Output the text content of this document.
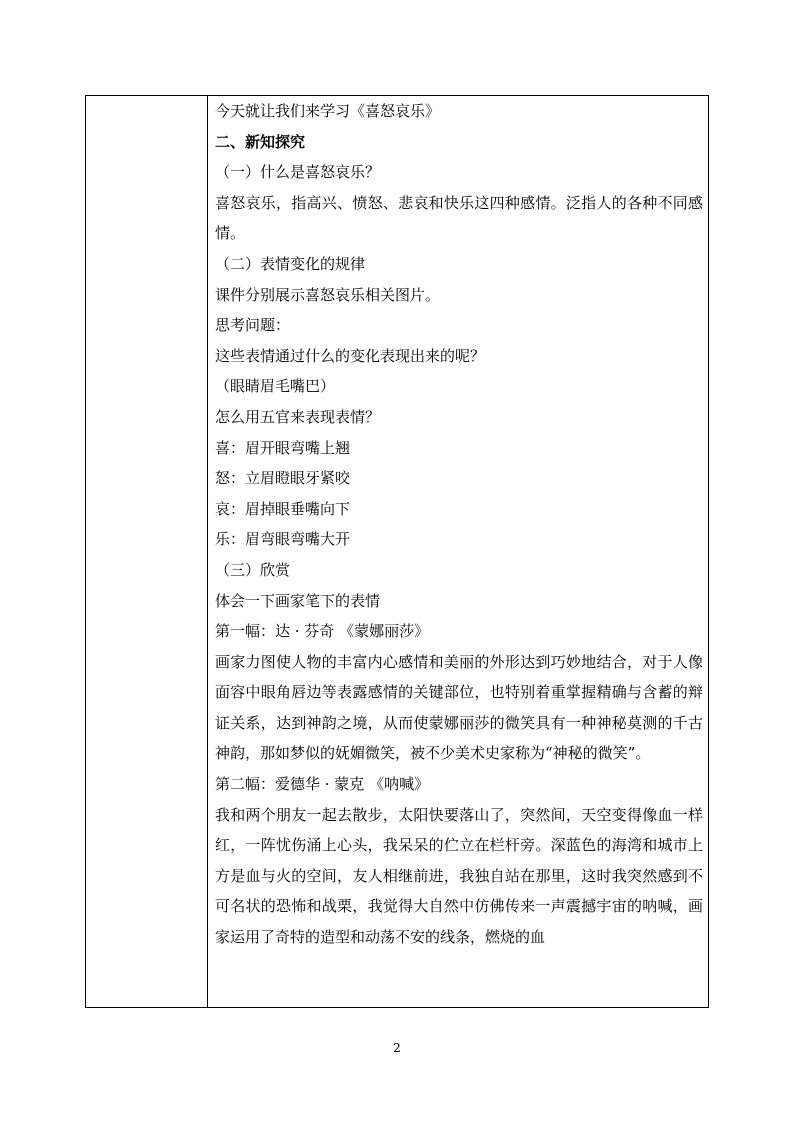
今天就让我们来学习《喜怒哀乐》
二、新知探究
（一）什么是喜怒哀乐？
喜怒哀乐，指高兴、愤怒、悲哀和快乐这四种感情。泛指人的各种不同感情。
（二）表情变化的规律
课件分别展示喜怒哀乐相关图片。
思考问题：
这些表情通过什么的变化表现出来的呢？
（眼睛眉毛嘴巴）
怎么用五官来表现表情？
喜：眉开眼弯嘴上翘
怒：立眉瞪眼牙紧咬
哀：眉掉眼垂嘴向下
乐：眉弯眼弯嘴大开
（三）欣赏
体会一下画家笔下的表情
第一幅：达 · 芬奇 《蒙娜丽莎》
画家力图使人物的丰富内心感情和美丽的外形达到巧妙地结合，对于人像面容中眼角唇边等表露感情的关键部位，也特别着重掌握精确与含蓄的辩证关系，达到神韵之境，从而使蒙娜丽莎的微笑具有一种神秘莫测的千古神韵，那如梦似的妩媚微笑，被不少美术史家称为“神秘的微笑”。
第二幅：爱德华 · 蒙克 《呐喊》
我和两个朋友一起去散步，太阳快要落山了，突然间，天空变得像血一样红，一阵忧伤涌上心头，我呆呆的伫立在栏杆旁。深蓝色的海湾和城市上方是血与火的空间，友人相继前进，我独自站在那里，这时我突然感到不可名状的恐怖和战栗，我觉得大自然中仿佛传来一声震撼宇宙的呐喊，画家运用了奇特的造型和动荡不安的线条，燃烧的血
2
